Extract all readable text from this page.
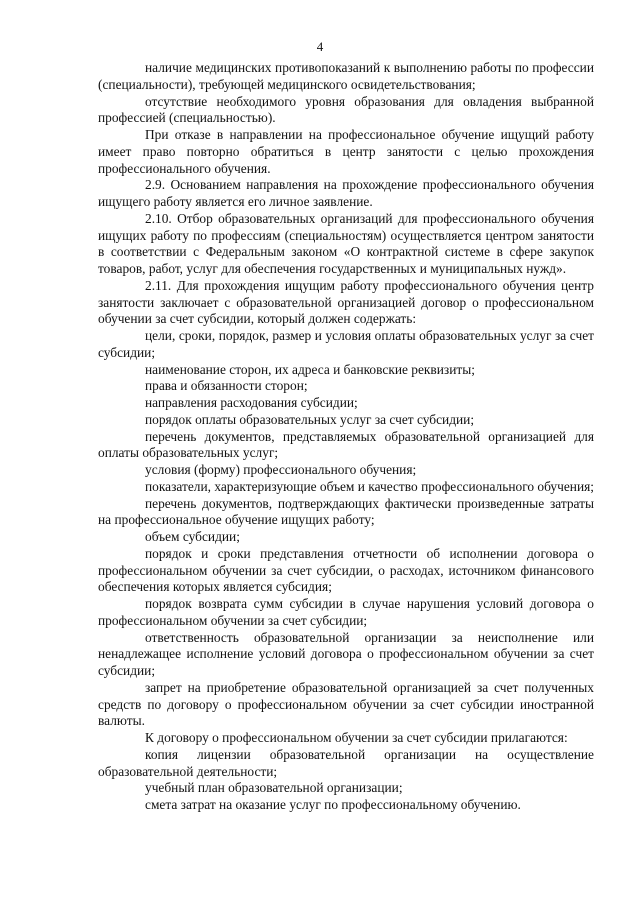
4

наличие медицинских противопоказаний к выполнению работы по профессии (специальности), требующей медицинского освидетельствования;

отсутствие необходимого уровня образования для овладения выбранной профессией (специальностью).

При отказе в направлении на профессиональное обучение ищущий работу имеет право повторно обратиться в центр занятости с целью прохождения профессионального обучения.

2.9. Основанием направления на прохождение профессионального обучения ищущего работу является его личное заявление.

2.10. Отбор образовательных организаций для профессионального обучения ищущих работу по профессиям (специальностям) осуществляется центром занятости в соответствии с Федеральным законом «О контрактной системе в сфере закупок товаров, работ, услуг для обеспечения государственных и муниципальных нужд».

2.11. Для прохождения ищущим работу профессионального обучения центр занятости заключает с образовательной организацией договор о профессиональном обучении за счет субсидии, который должен содержать:

цели, сроки, порядок, размер и условия оплаты образовательных услуг за счет субсидии;

наименование сторон, их адреса и банковские реквизиты;

права и обязанности сторон;

направления расходования субсидии;

порядок оплаты образовательных услуг за счет субсидии;

перечень документов, представляемых образовательной организацией для оплаты образовательных услуг;

условия (форму) профессионального обучения;

показатели, характеризующие объем и качество профессионального обучения;

перечень документов, подтверждающих фактически произведенные затраты на профессиональное обучение ищущих работу;

объем субсидии;

порядок и сроки представления отчетности об исполнении договора о профессиональном обучении за счет субсидии, о расходах, источником финансового обеспечения которых является субсидия;

порядок возврата сумм субсидии в случае нарушения условий договора о профессиональном обучении за счет субсидии;

ответственность образовательной организации за неисполнение или ненадлежащее исполнение условий договора о профессиональном обучении за счет субсидии;

запрет на приобретение образовательной организацией за счет полученных средств по договору о профессиональном обучении за счет субсидии иностранной валюты.

К договору о профессиональном обучении за счет субсидии прилагаются:

копия лицензии образовательной организации на осуществление образовательной деятельности;

учебный план образовательной организации;

смета затрат на оказание услуг по профессиональному обучению.
